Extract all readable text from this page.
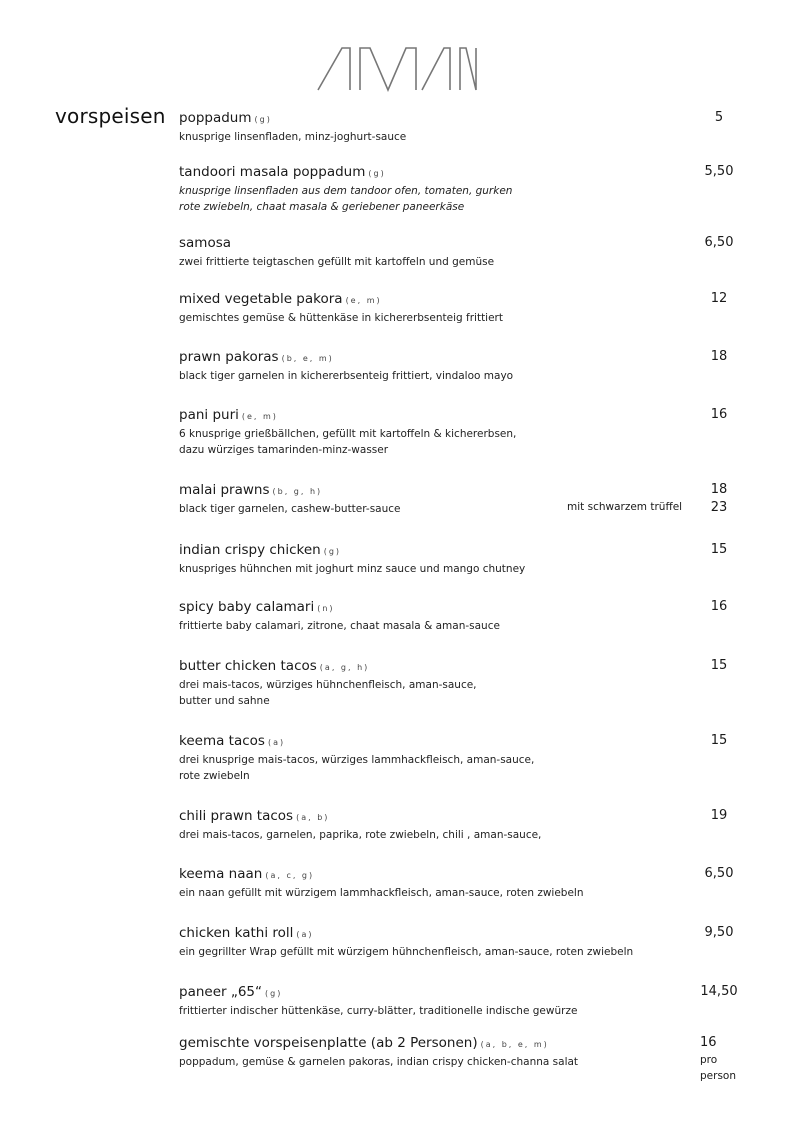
vorspeisen poppadum (g)
knusprige linsenfladen, minz-joghurt-sauce
5
tandoori masala poppadum (g)
knusprige linsenfladen aus dem tandoor ofen, tomaten, gurken
rote zwiebeln, chaat masala & geriebener paneerkäse
5,50
samosa
zwei frittierte teigtaschen gefüllt mit kartoffeln und gemüse
6,50
mixed vegetable pakora (e, m)
gemischtes gemüse & hüttenkäse in kichererbsenteig frittiert
12
prawn pakoras (b, e, m)
black tiger garnelen in kichererbsenteig frittiert, vindaloo mayo
18
pani puri (e, m)
6 knusprige grießbällchen, gefüllt mit kartoffeln & kichererbsen,
dazu würziges tamarinden-minz-wasser
16
malai prawns (b, g, h)
black tiger garnelen, cashew-butter-sauce
18
mit schwarzem trüffel	23
indian crispy chicken (g)
knuspriges hühnchen mit joghurt minz sauce und mango chutney
15
spicy baby calamari (n)
frittierte baby calamari, zitrone, chaat masala & aman-sauce
16
butter chicken tacos (a, g, h)
drei mais-tacos, würziges hühnchenfleisch, aman-sauce,
butter und sahne
15
keema tacos (a)
drei knusprige mais-tacos, würziges lammhackfleisch, aman-sauce,
rote zwiebeln
15
chili prawn tacos (a, b)
drei mais-tacos, garnelen, paprika, rote zwiebeln, chili , aman-sauce,
19
keema naan (a, c, g)
ein naan gefüllt mit würzigem lammhackfleisch, aman-sauce, roten zwiebeln
6,50
chicken kathi roll (a)
ein gegrillter Wrap gefüllt mit würzigem hühnchenfleisch, aman-sauce, roten zwiebeln
9,50
paneer „65“ (g)
frittierter indischer hüttenkäse, curry-blätter, traditionelle indische gewürze
14,50
gemischte vorspeisenplatte (ab 2 Personen) (a, b, e, m)
poppadum, gemüse & garnelen pakoras, indian crispy chicken-channa salat
16
pro
person
